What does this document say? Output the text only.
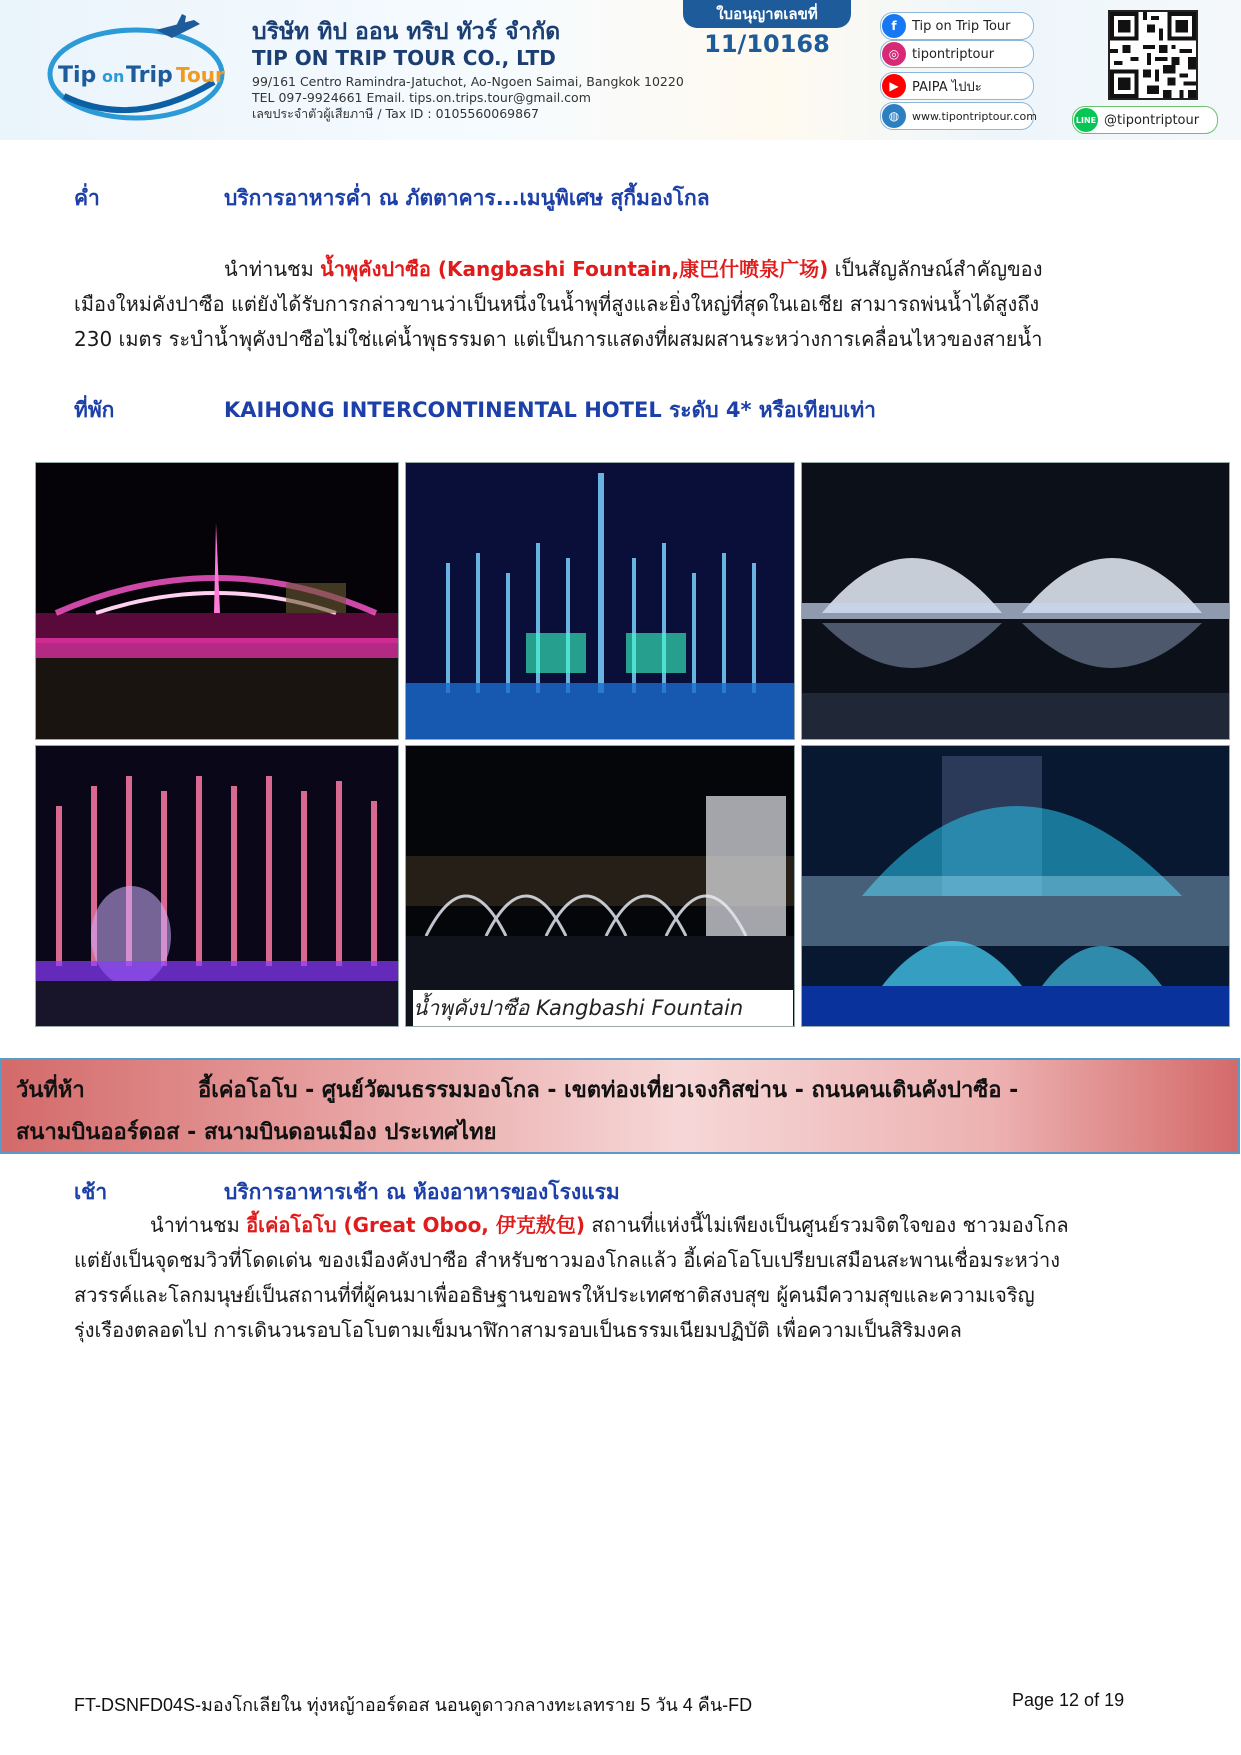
Tip on Trip Tour
บริษัท ทิป ออน ทริป ทัวร์ จำกัด
TIP ON TRIP TOUR CO., LTD
99/161 Centro Ramindra-Jatuchot, Ao-Ngoen Saimai, Bangkok 10220
TEL 097-9924661 Email. tips.on.trips.tour@gmail.com
เลขประจำตัวผู้เสียภาษี / Tax ID : 0105560069867
ใบอนุญาตเลขที่
11/10168
f	Tip on Trip Tour
◎ tipontriptour
▶	PAIPA ไปปะ
◍	www.tipontriptour.com	LINE @tipontriptour
ค่ำ	บริการอาหารค่ำ ณ ภัตตาคาร...เมนูพิเศษ สุกี้มองโกล
นำท่านชม น้ำพุคังปาซือ (Kangbashi Fountain,康巴什喷泉广场) เป็นสัญลักษณ์สำคัญของ
เมืองใหม่คังปาซือ แต่ยังได้รับการกล่าวขานว่าเป็นหนึ่งในน้ำพุที่สูงและยิ่งใหญ่ที่สุดในเอเชีย สามารถพ่นน้ำได้สูงถึง
230 เมตร ระบำน้ำพุคังปาซือไม่ใช่แค่น้ำพุธรรมดา แต่เป็นการแสดงที่ผสมผสานระหว่างการเคลื่อนไหวของสายน้ำ
ที่พัก	KAIHONG INTERCONTINENTAL HOTEL ระดับ 4* หรือเทียบเท่า
น้ำพุคังปาซือ Kangbashi Fountain
วันที่ห้า	อี้เค่อโอโบ - ศูนย์วัฒนธรรมมองโกล - เขตท่องเที่ยวเจงกิสข่าน - ถนนคนเดินคังปาซือ -
สนามบินออร์ดอส - สนามบินดอนเมือง ประเทศไทย
เช้า	บริการอาหารเช้า ณ ห้องอาหารของโรงแรม
นำท่านชม อี้เค่อโอโบ (Great Oboo, 伊克敖包) สถานที่แห่งนี้ไม่เพียงเป็นศูนย์รวมจิตใจของ ชาวมองโกล
แต่ยังเป็นจุดชมวิวที่โดดเด่น ของเมืองคังปาซือ สำหรับชาวมองโกลแล้ว อี้เค่อโอโบเปรียบเสมือนสะพานเชื่อมระหว่าง
สวรรค์และโลกมนุษย์เป็นสถานที่ที่ผู้คนมาเพื่ออธิษฐานขอพรให้ประเทศชาติสงบสุข ผู้คนมีความสุขและความเจริญ
รุ่งเรืองตลอดไป การเดินวนรอบโอโบตามเข็มนาฬิกาสามรอบเป็นธรรมเนียมปฏิบัติ เพื่อความเป็นสิริมงคล
FT-DSNFD04S-มองโกเลียใน ทุ่งหญ้าออร์ดอส นอนดูดาวกลางทะเลทราย 5 วัน 4 คืน-FD	Page 12 of 19
